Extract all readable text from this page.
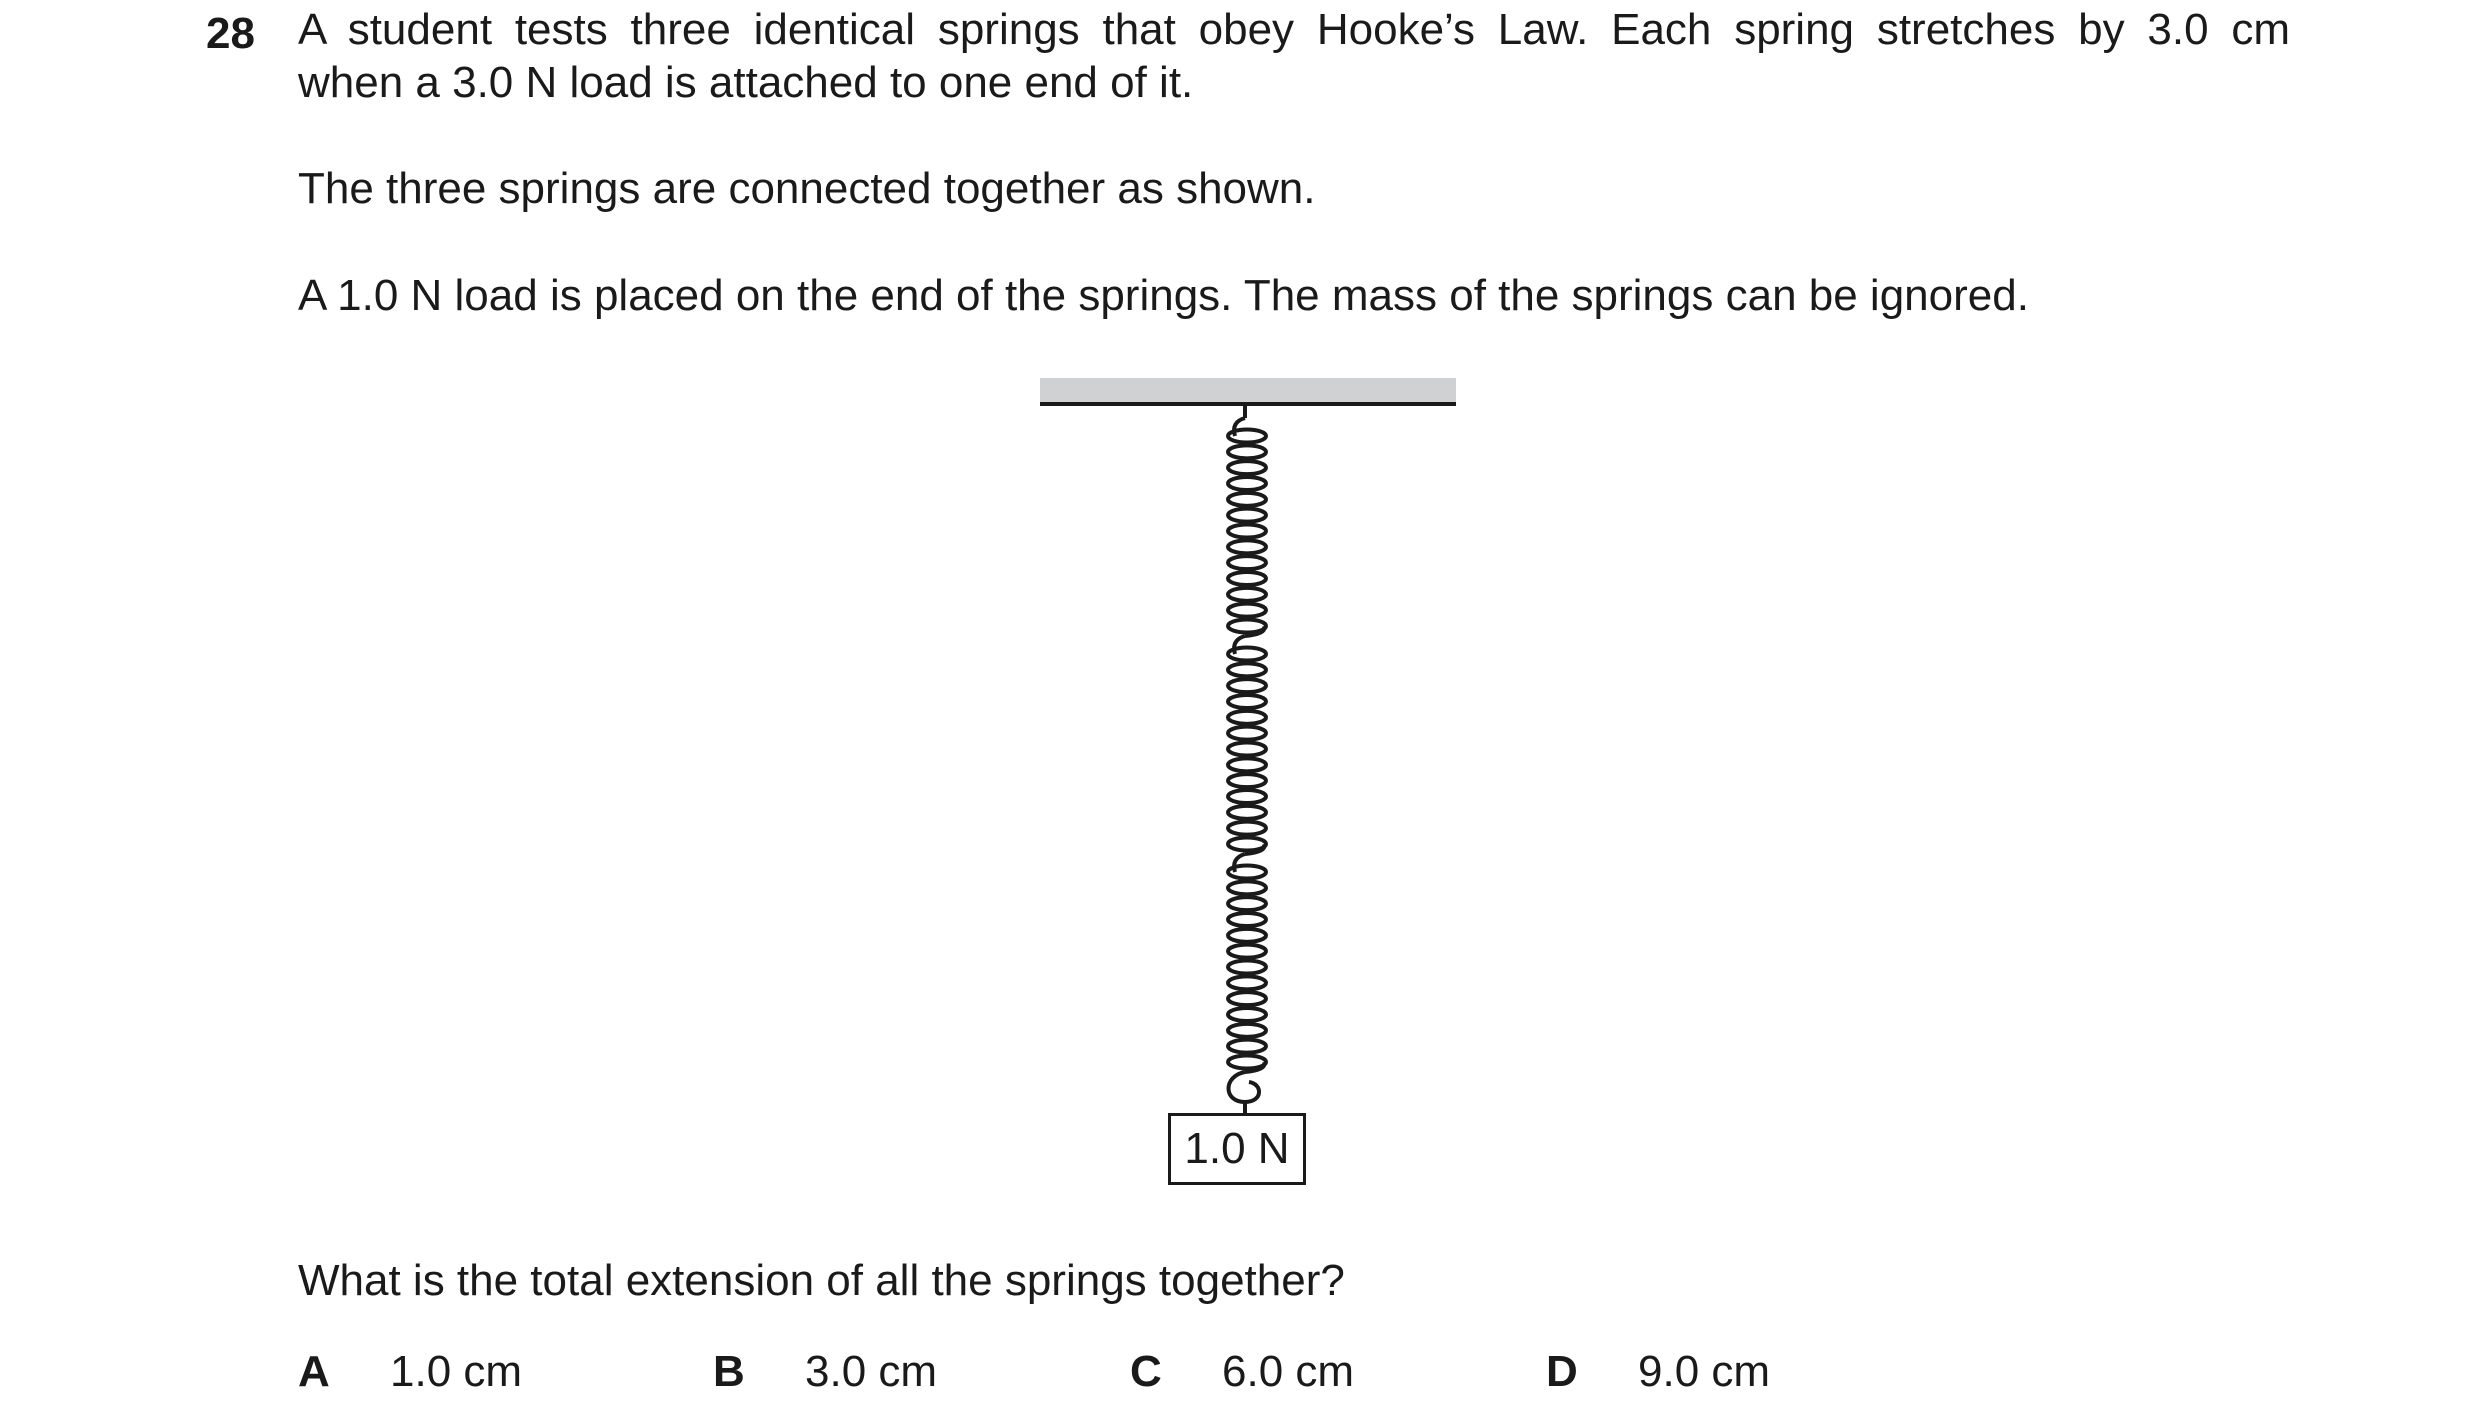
28 A student tests three identical springs that obey Hooke’s Law. Each spring stretches by 3.0 cm
when a 3.0 N load is attached to one end of it.
The three springs are connected together as shown.
A 1.0 N load is placed on the end of the springs. The mass of the springs can be ignored.
1.0 N
What is the total extension of all the springs together?
A 1.0 cm	B 3.0 cm	C 6.0 cm	D 9.0 cm
